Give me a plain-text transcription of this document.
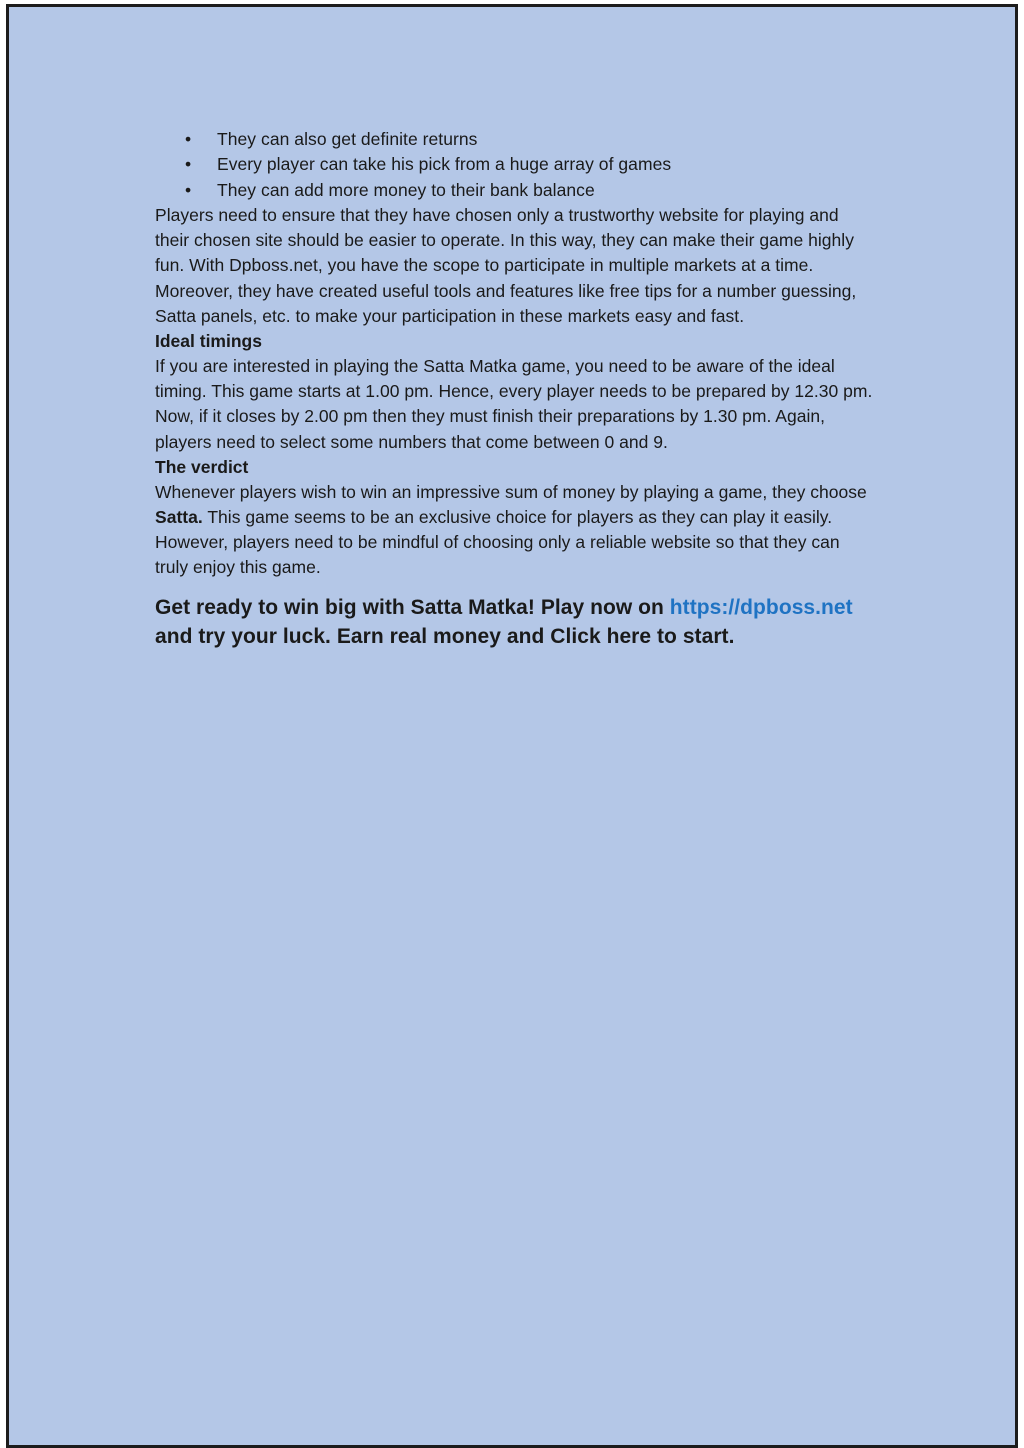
• They can also get definite returns
• Every player can take his pick from a huge array of games
• They can add more money to their bank balance

Players need to ensure that they have chosen only a trustworthy website for playing and their chosen site should be easier to operate. In this way, they can make their game highly fun. With Dpboss.net, you have the scope to participate in multiple markets at a time. Moreover, they have created useful tools and features like free tips for a number guessing, Satta panels, etc. to make your participation in these markets easy and fast.

Ideal timings

If you are interested in playing the Satta Matka game, you need to be aware of the ideal timing. This game starts at 1.00 pm. Hence, every player needs to be prepared by 12.30 pm. Now, if it closes by 2.00 pm then they must finish their preparations by 1.30 pm. Again, players need to select some numbers that come between 0 and 9.

The verdict

Whenever players wish to win an impressive sum of money by playing a game, they choose Satta. This game seems to be an exclusive choice for players as they can play it easily. However, players need to be mindful of choosing only a reliable website so that they can truly enjoy this game.

Get ready to win big with Satta Matka! Play now on https://dpboss.net and try your luck. Earn real money and Click here to start.
